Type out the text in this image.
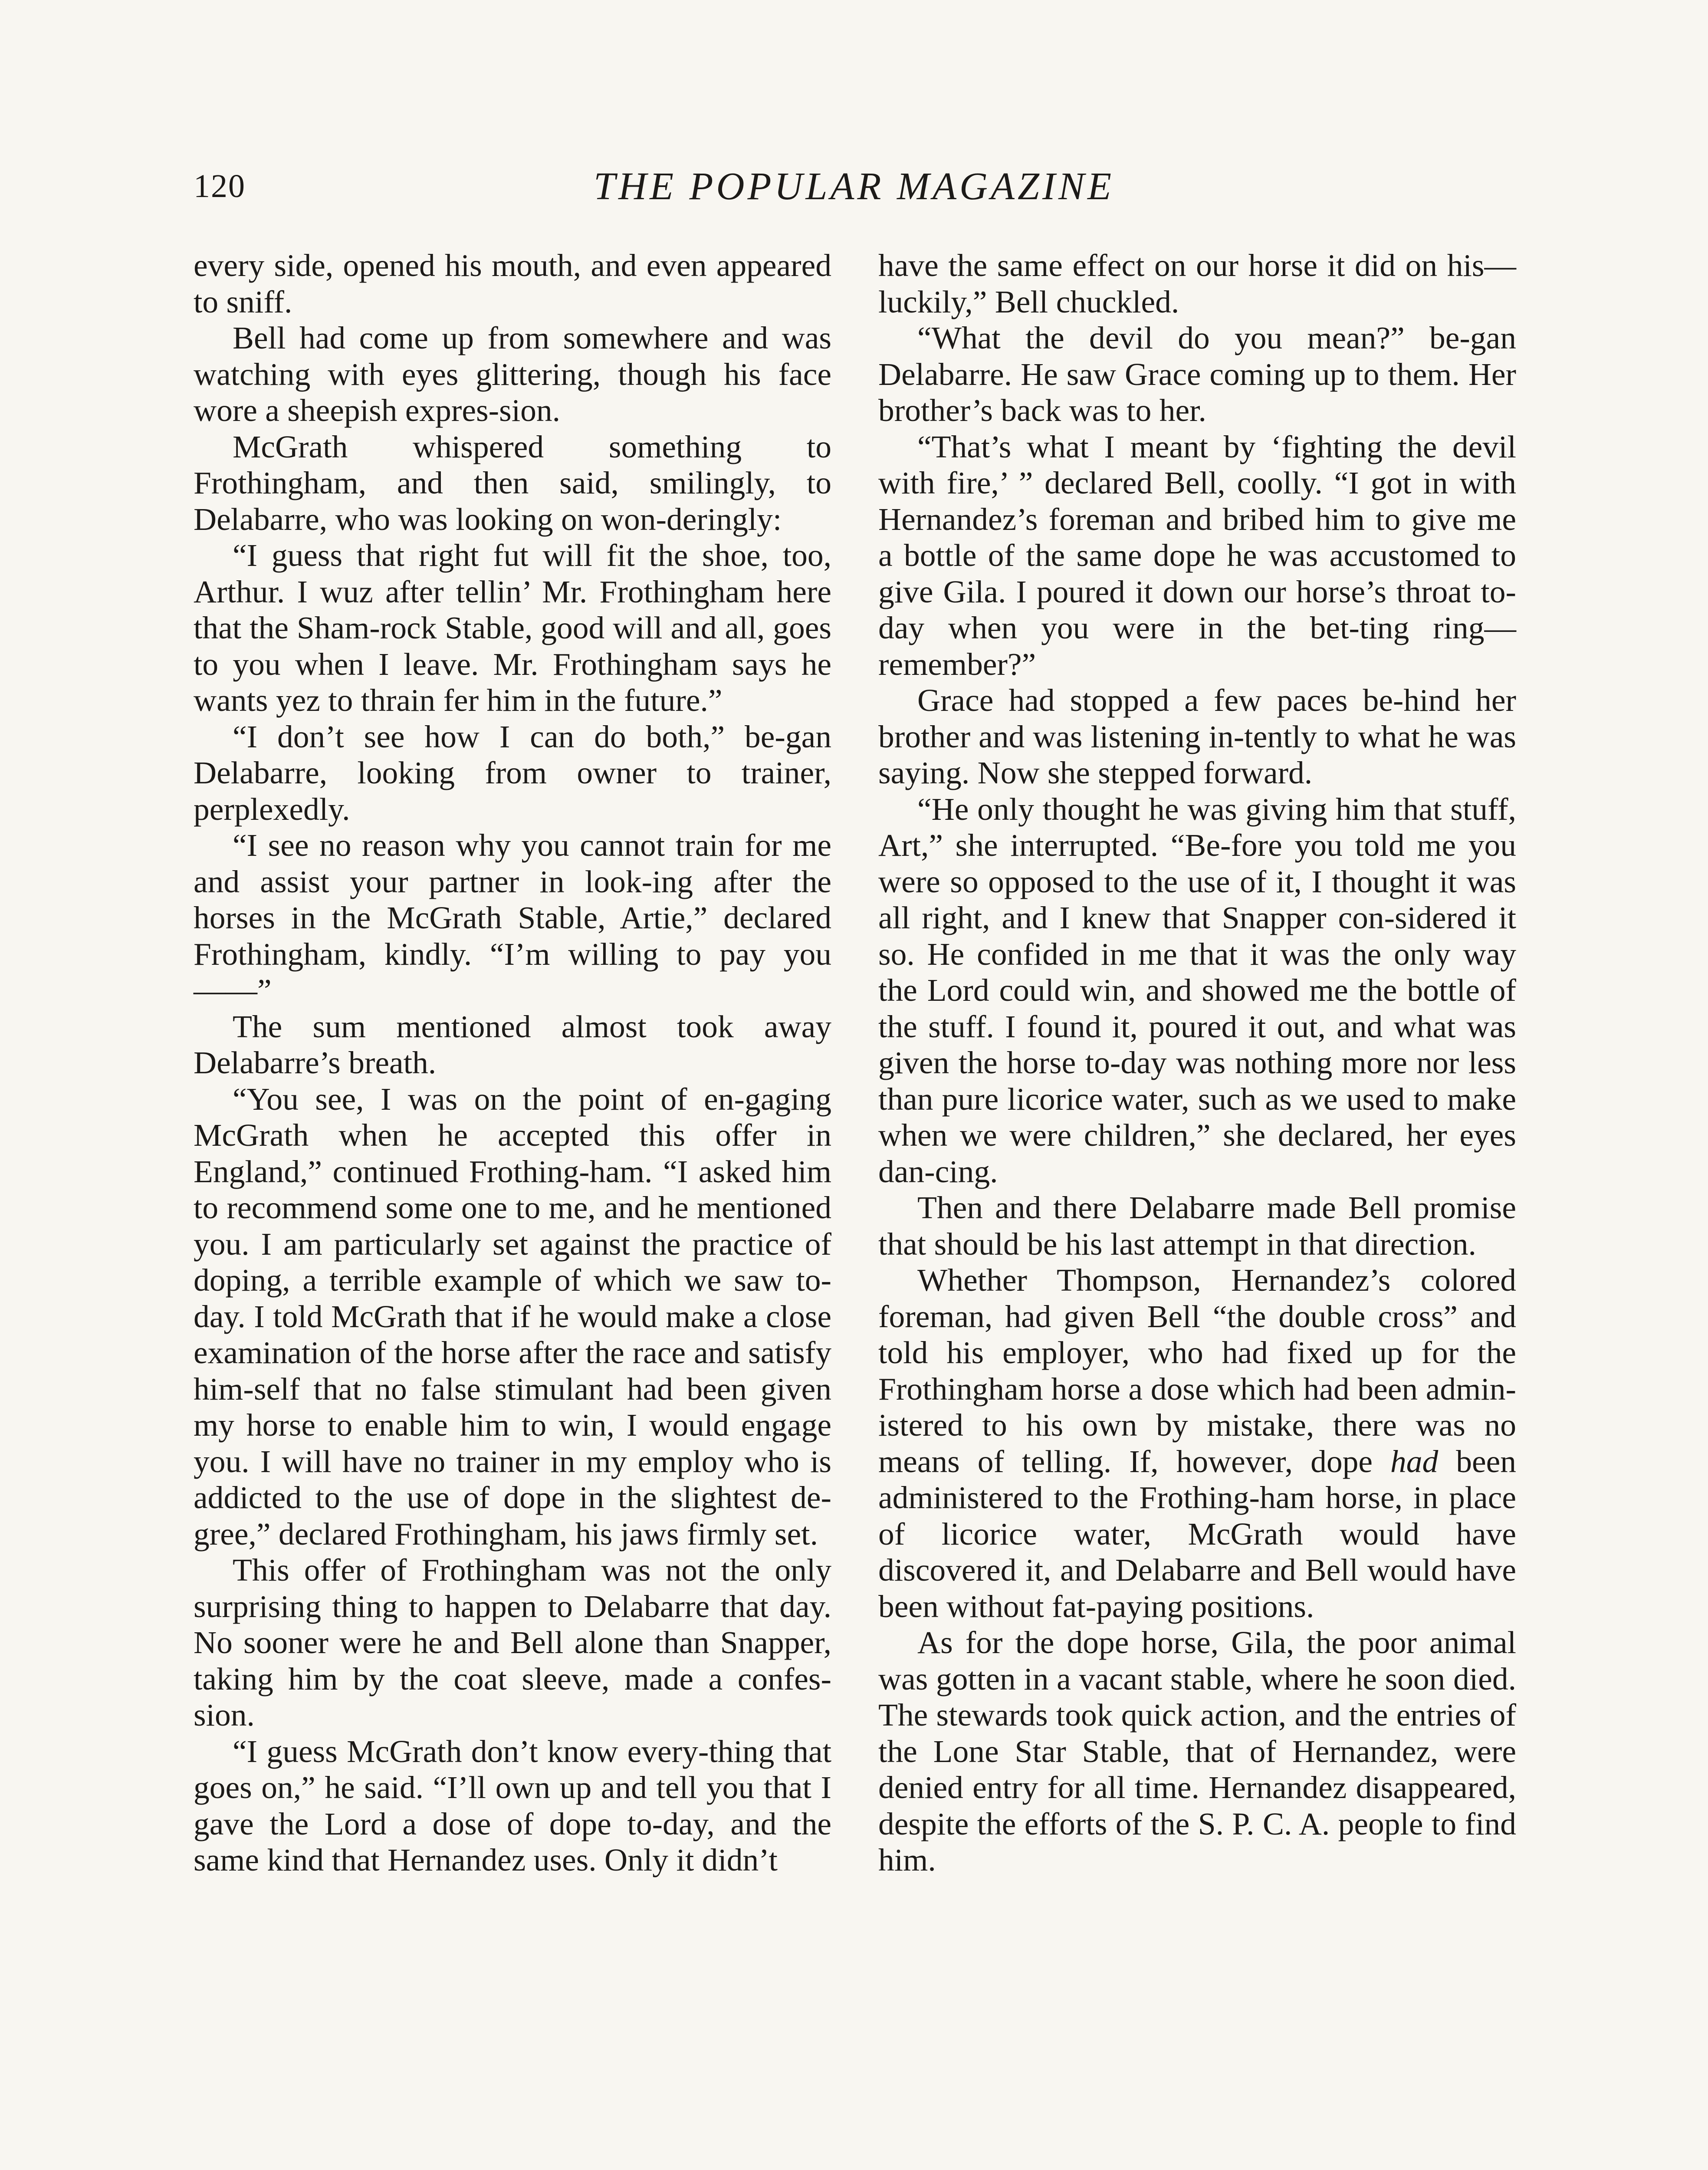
120	THE POPULAR MAGAZINE

every side, opened his mouth, and even appeared to sniff.

Bell had come up from somewhere and was watching with eyes glittering, though his face wore a sheepish expres-sion.

McGrath whispered something to Frothingham, and then said, smilingly, to Delabarre, who was looking on won-deringly:

“I guess that right fut will fit the shoe, too, Arthur. I wuz after tellin’ Mr. Frothingham here that the Sham-rock Stable, good will and all, goes to you when I leave. Mr. Frothingham says he wants yez to thrain fer him in the future.”

“I don’t see how I can do both,” be-gan Delabarre, looking from owner to trainer, perplexedly.

“I see no reason why you cannot train for me and assist your partner in look-ing after the horses in the McGrath Stable, Artie,” declared Frothingham, kindly. “I’m willing to pay you——”

The sum mentioned almost took away Delabarre’s breath.

“You see, I was on the point of en-gaging McGrath when he accepted this offer in England,” continued Frothing-ham. “I asked him to recommend some one to me, and he mentioned you. I am particularly set against the practice of doping, a terrible example of which we saw to-day. I told McGrath that if he would make a close examination of the horse after the race and satisfy him-self that no false stimulant had been given my horse to enable him to win, I would engage you. I will have no trainer in my employ who is addicted to the use of dope in the slightest de-gree,” declared Frothingham, his jaws firmly set.

This offer of Frothingham was not the only surprising thing to happen to Delabarre that day. No sooner were he and Bell alone than Snapper, taking him by the coat sleeve, made a confes-sion.

“I guess McGrath don’t know every-thing that goes on,” he said. “I’ll own up and tell you that I gave the Lord a dose of dope to-day, and the same kind that Hernandez uses. Only it didn’t

have the same effect on our horse it did on his—luckily,” Bell chuckled.

“What the devil do you mean?” be-gan Delabarre. He saw Grace coming up to them. Her brother’s back was to her.

“That’s what I meant by ‘fighting the devil with fire,’ ” declared Bell, coolly. “I got in with Hernandez’s foreman and bribed him to give me a bottle of the same dope he was accustomed to give Gila. I poured it down our horse’s throat to-day when you were in the bet-ting ring—remember?”

Grace had stopped a few paces be-hind her brother and was listening in-tently to what he was saying. Now she stepped forward.

“He only thought he was giving him that stuff, Art,” she interrupted. “Be-fore you told me you were so opposed to the use of it, I thought it was all right, and I knew that Snapper con-sidered it so. He confided in me that it was the only way the Lord could win, and showed me the bottle of the stuff. I found it, poured it out, and what was given the horse to-day was nothing more nor less than pure licorice water, such as we used to make when we were children,” she declared, her eyes dan-cing.

Then and there Delabarre made Bell promise that should be his last attempt in that direction.

Whether Thompson, Hernandez’s colored foreman, had given Bell “the double cross” and told his employer, who had fixed up for the Frothingham horse a dose which had been admin-istered to his own by mistake, there was no means of telling. If, however, dope had been administered to the Frothing-ham horse, in place of licorice water, McGrath would have discovered it, and Delabarre and Bell would have been without fat-paying positions.

As for the dope horse, Gila, the poor animal was gotten in a vacant stable, where he soon died. The stewards took quick action, and the entries of the Lone Star Stable, that of Hernandez, were denied entry for all time. Hernandez disappeared, despite the efforts of the S. P. C. A. people to find him.
